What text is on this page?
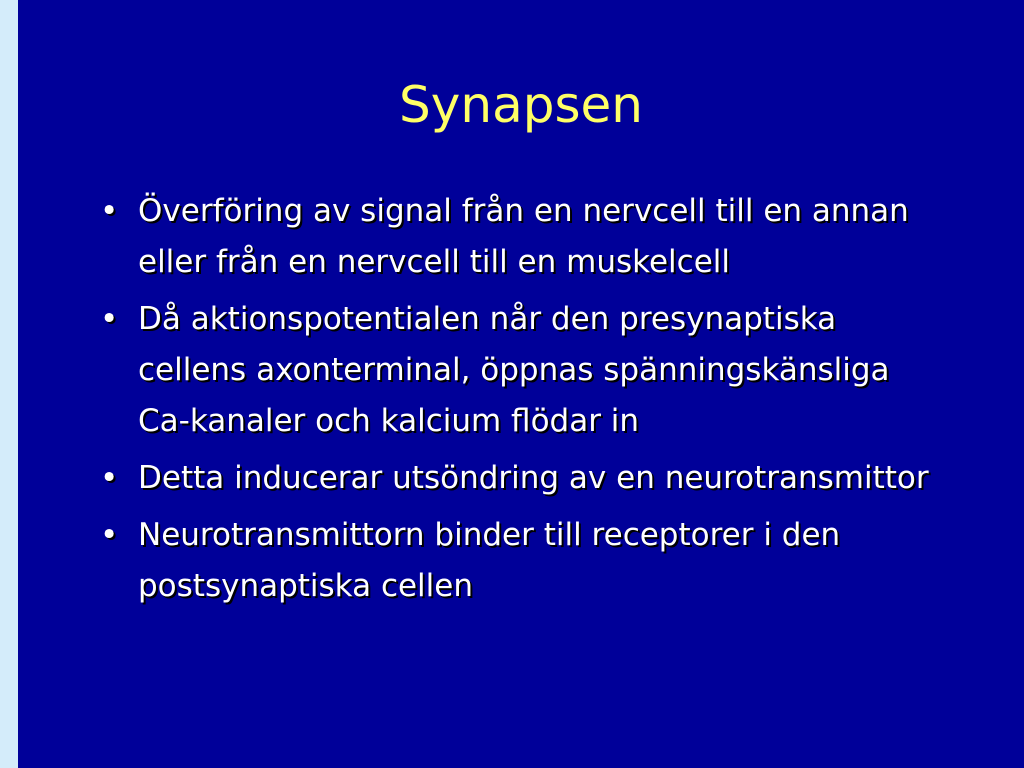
Synapsen
• Överföring av signal från en nervcell till en annan eller från en nervcell till en muskelcell
• Då aktionspotentialen når den presynaptiska cellens axonterminal, öppnas spänningskänsliga Ca-kanaler och kalcium flödar in
• Detta inducerar utsöndring av en neurotransmittor
• Neurotransmittorn binder till receptorer i den postsynaptiska cellen
